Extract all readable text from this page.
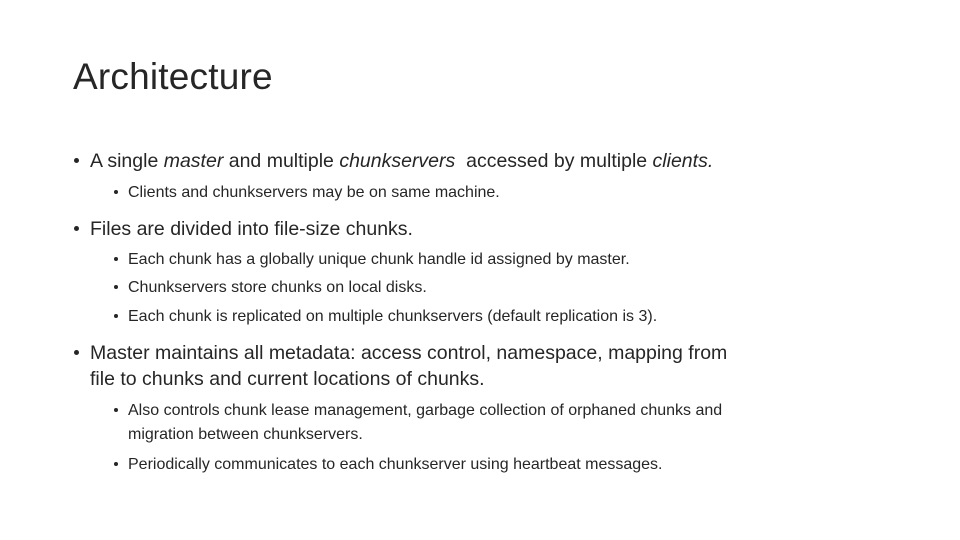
Architecture
A single master and multiple chunkservers  accessed by multiple clients.
Clients and chunkservers may be on same machine.
Files are divided into file-size chunks.
Each chunk has a globally unique chunk handle id assigned by master.
Chunkservers store chunks on local disks.
Each chunk is replicated on multiple chunkservers (default replication is 3).
Master maintains all metadata: access control, namespace, mapping from
file to chunks and current locations of chunks.
Also controls chunk lease management, garbage collection of orphaned chunks and
migration between chunkservers.
Periodically communicates to each chunkserver using heartbeat messages.
